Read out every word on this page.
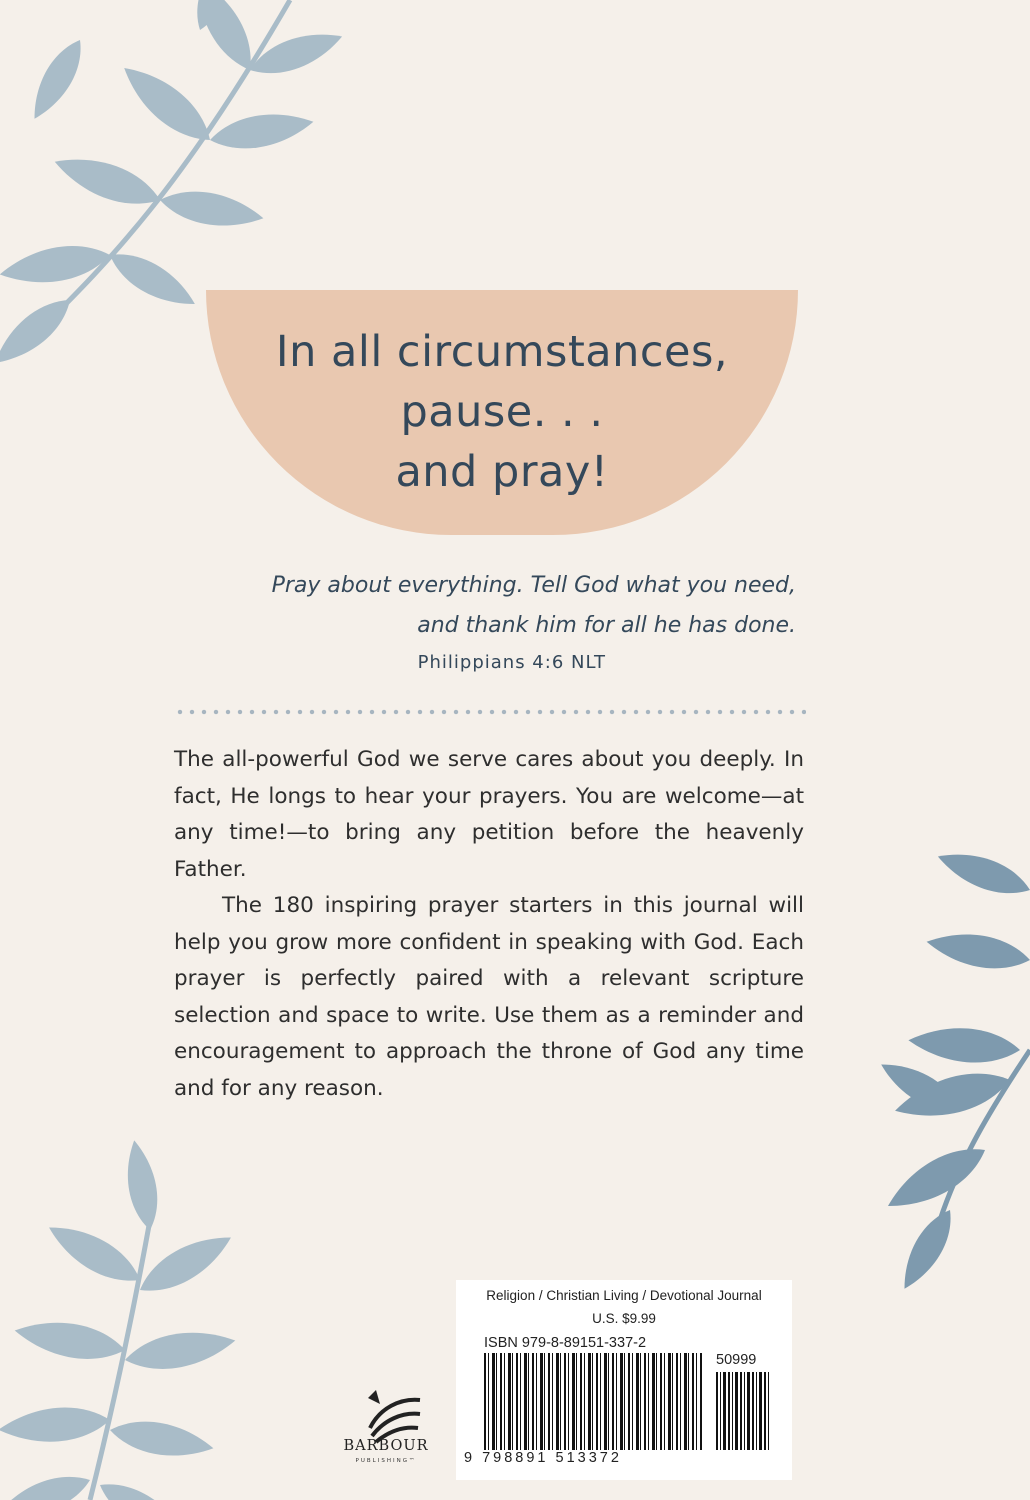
In all circumstances,
pause. . .
and pray!
Pray about everything. Tell God what you need,
and thank him for all he has done.
Philippians 4:6 NLT

The all-powerful God we serve cares about you deeply. In fact, He longs to hear your prayers. You are welcome—at any time!—to bring any petition before the heavenly Father.

The 180 inspiring prayer starters in this journal will help you grow more confident in speaking with God. Each prayer is perfectly paired with a relevant scripture selection and space to write. Use them as a reminder and encouragement to approach the throne of God any time and for any reason.

BARBOUR
PUBLISHING™
Religion / Christian Living / Devotional Journal
U.S. $9.99
ISBN 979-8-89151-337-2
50999
9 798891 513372
